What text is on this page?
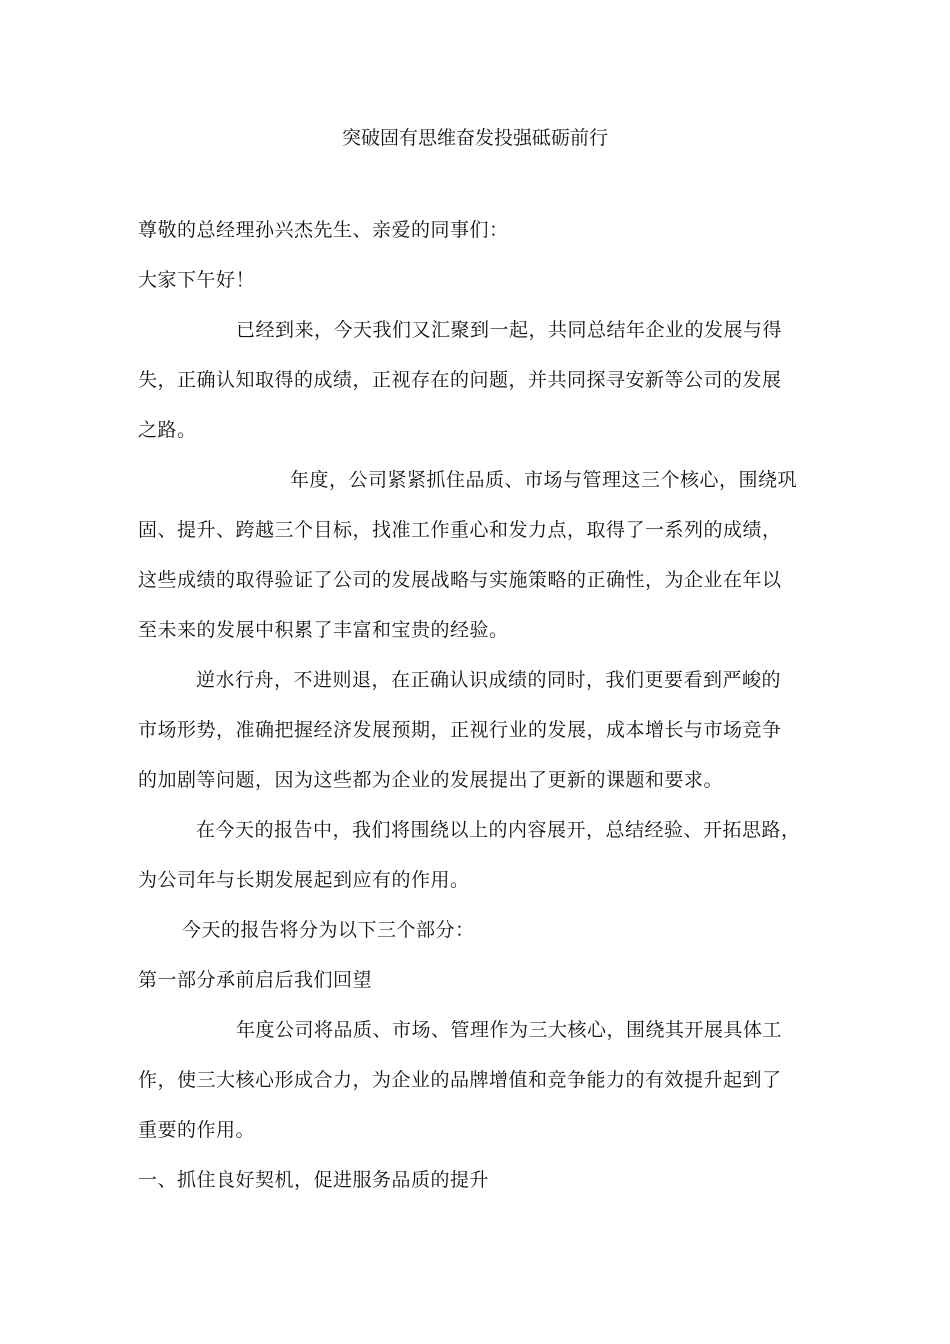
突破固有思维奋发投强砥砺前行
尊敬的总经理孙兴杰先生、亲爱的同事们：
大家下午好！
已经到来，今天我们又汇聚到一起，共同总结年企业的发展与得
失，正确认知取得的成绩，正视存在的问题，并共同探寻安新等公司的发展
之路。
年度，公司紧紧抓住品质、市场与管理这三个核心，围绕巩
固、提升、跨越三个目标，找准工作重心和发力点，取得了一系列的成绩，
这些成绩的取得验证了公司的发展战略与实施策略的正确性，为企业在年以
至未来的发展中积累了丰富和宝贵的经验。
逆水行舟，不进则退，在正确认识成绩的同时，我们更要看到严峻的
市场形势，准确把握经济发展预期，正视行业的发展，成本增长与市场竞争
的加剧等问题，因为这些都为企业的发展提出了更新的课题和要求。
在今天的报告中，我们将围绕以上的内容展开，总结经验、开拓思路，
为公司年与长期发展起到应有的作用。
今天的报告将分为以下三个部分：
第一部分承前启后我们回望
年度公司将品质、市场、管理作为三大核心，围绕其开展具体工
作，使三大核心形成合力，为企业的品牌增值和竞争能力的有效提升起到了
重要的作用。
一、抓住良好契机，促进服务品质的提升
